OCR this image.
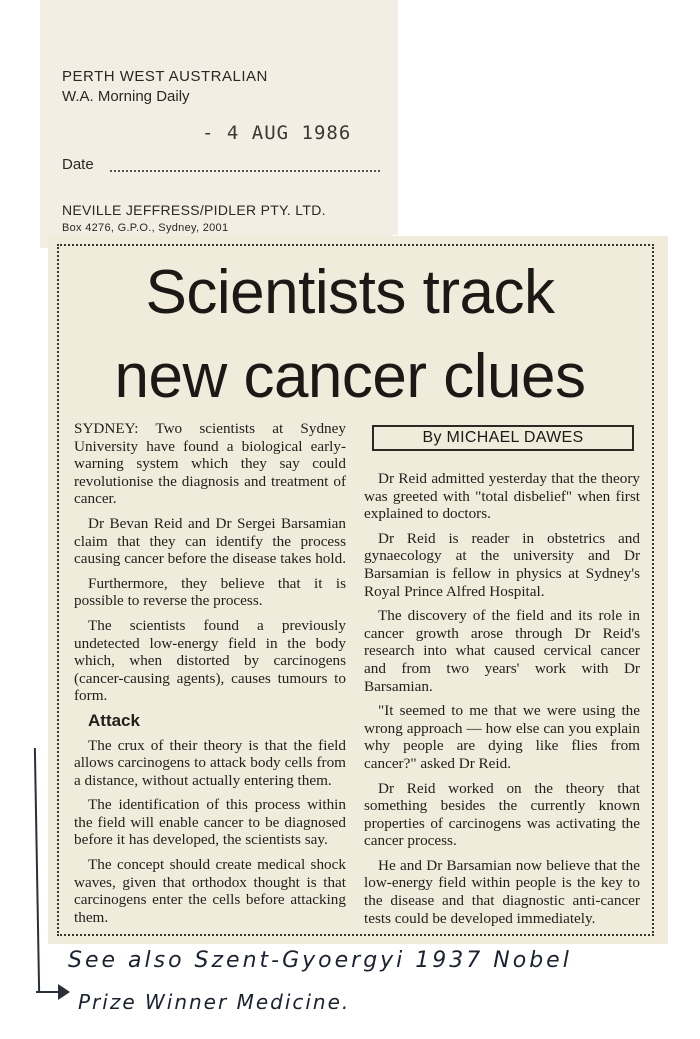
PERTH WEST AUSTRALIAN
W.A. Morning Daily
- 4 AUG 1986
Date
NEVILLE JEFFRESS/PIDLER PTY. LTD.
Box 4276, G.P.O., Sydney, 2001
Scientists track
new cancer clues
By MICHAEL DAWES

SYDNEY: Two scientists at Sydney University have found a biological early-warning system which they say could revolutionise the diagnosis and treatment of cancer.

Dr Bevan Reid and Dr Sergei Barsamian claim that they can identify the process causing cancer before the disease takes hold.

Furthermore, they believe that it is possible to reverse the process.

The scientists found a previously undetected low-energy field in the body which, when distorted by carcinogens (cancer-causing agents), causes tumours to form.

Attack

The crux of their theory is that the field allows carcinogens to attack body cells from a distance, without actually entering them.

The identification of this process within the field will enable cancer to be diagnosed before it has developed, the scientists say.

The concept should create medical shock waves, given that orthodox thought is that carcinogens enter the cells before attacking them.

Dr Reid admitted yesterday that the theory was greeted with "total disbelief" when first explained to doctors.

Dr Reid is reader in obstetrics and gynaecology at the university and Dr Barsamian is fellow in physics at Sydney's Royal Prince Alfred Hospital.

The discovery of the field and its role in cancer growth arose through Dr Reid's research into what caused cervical cancer and from two years' work with Dr Barsamian.

"It seemed to me that we were using the wrong approach — how else can you explain why people are dying like flies from cancer?" asked Dr Reid.

Dr Reid worked on the theory that something besides the currently known properties of carcinogens was activating the cancer process.

He and Dr Barsamian now believe that the low-energy field within people is the key to the disease and that diagnostic anti-cancer tests could be developed immediately.

See also Szent-Gyoergyi 1937 Nobel
Prize Winner Medicine.
